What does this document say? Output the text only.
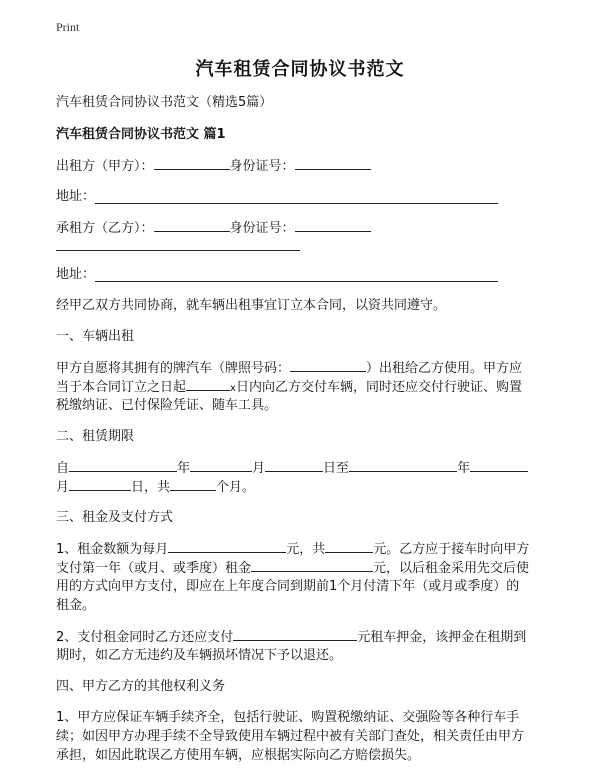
Print
汽车租赁合同协议书范文
汽车租赁合同协议书范文（精选5篇）
汽车租赁合同协议书范文 篇1
出租方（甲方）：	身份证号：
地址：
承租方（乙方）：	身份证号：
地址：
经甲乙双方共同协商，就车辆出租事宜订立本合同，以资共同遵守。
一、车辆出租
甲方自愿将其拥有的牌汽车（牌照号码：	）出租给乙方使用。甲方应
当于本合同订立之日起	x日内向乙方交付车辆，同时还应交付行驶证、购置
税缴纳证、已付保险凭证、随车工具。
二、租赁期限
自	年	月	日至	年
月	日，共	个月。
三、租金及支付方式
1、租金数额为每月	元，共	元。乙方应于接车时向甲方
支付第一年（或月、或季度）租金	元，以后租金采用先交后使
用的方式向甲方支付，即应在上年度合同到期前1个月付清下年（或月或季度）的
租金。
2、支付租金同时乙方还应支付	元租车押金，该押金在租期到
期时，如乙方无违约及车辆损坏情况下予以退还。
四、甲方乙方的其他权利义务
1、甲方应保证车辆手续齐全，包括行驶证、购置税缴纳证、交强险等各种行车手
续；如因甲方办理手续不全导致使用车辆过程中被有关部门查处，相关责任由甲方
承担，如因此耽误乙方使用车辆，应根据实际向乙方赔偿损失。
